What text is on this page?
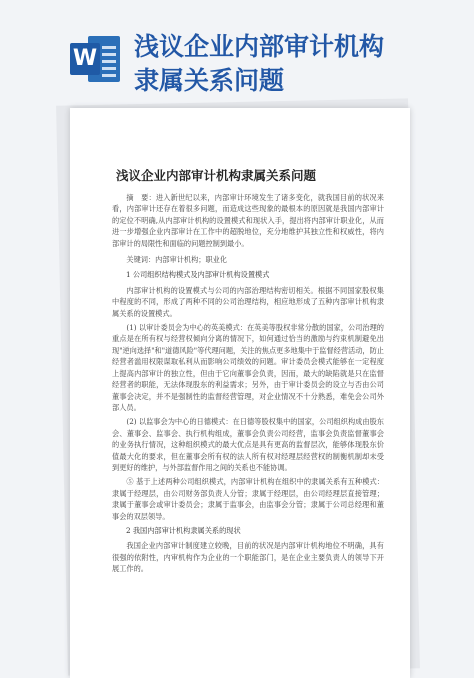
W 浅议企业内部审计机构
隶属关系问题
浅议企业内部审计机构隶属关系问题

摘　要：进入新世纪以来，内部审计环境发生了诸多变化，就我国目前的状况来看，内部审计还存在着很多问题，而造成这些现象的最根本的原因就是我国内部审计的定位不明确,从内部审计机构的设置模式和现状入手，提出将内部审计职业化，从而进一步增强企业内部审计在工作中的超脱地位，充分地维护其独立性和权威性，将内部审计的局限性和面临的问题控制到最小。

关键词：内部审计机构；职业化

1 公司组织结构模式及内部审计机构设置模式

内部审计机构的设置模式与公司的内部治理结构密切相关。根据不同国家股权集中程度的不同，形成了两种不同的公司治理结构，相应地形成了五种内部审计机构隶属关系的设置模式。

(1) 以审计委员会为中心的英美模式：在英美等股权非常分散的国家，公司治理的重点是在所有权与经营权倾向分离的情况下，如何通过恰当的激励与约束机制避免出现"逆向选择"和"道德风险"等代理问题，关注的焦点更多地集中于监督经营活动，防止经营者滥用权限谋取私利从而影响公司绩效的问题。审计委员会模式能够在一定程度上提高内部审计的独立性，但由于它向董事会负责，因而，最大的缺陷就是只在监督经营者的职能，无法体现股东的利益需求；另外，由于审计委员会的设立与否由公司董事会决定，并不是强制性的监督经营管理，对企业情况不十分熟悉，难免会公司外部人员。

(2) 以监事会为中心的日德模式：在日德等股权集中的国家，公司组织构成由股东会、董事会、监事会、执行机构组成，董事会负责公司经营，监事会负责监督董事会的业务执行情况，这种组织模式的最大优点是具有更高的监督层次，能够体现股东价值最大化的要求，但在董事会所有权的法人所有权对经理层经营权的制衡机制却未受到更好的维护，与外部监督作用之间的关系也不能协调。

⑤ 基于上述两种公司组织模式，内部审计机构在组织中的隶属关系有五种模式：隶属于经理层，由公司财务部负责人分管；隶属于经理层，由公司经理层直接管理；隶属于董事会或审计委员会；隶属于监事会，由监事会分管；隶属于公司总经理和董事会的双层领导。

2 我国内部审计机构隶属关系的现状

我国企业内部审计制度建立较晚，目前的状况是内部审计机构地位不明确，具有很强的依附性，内审机构作为企业的一个职能部门，是在企业主要负责人的领导下开展工作的。
